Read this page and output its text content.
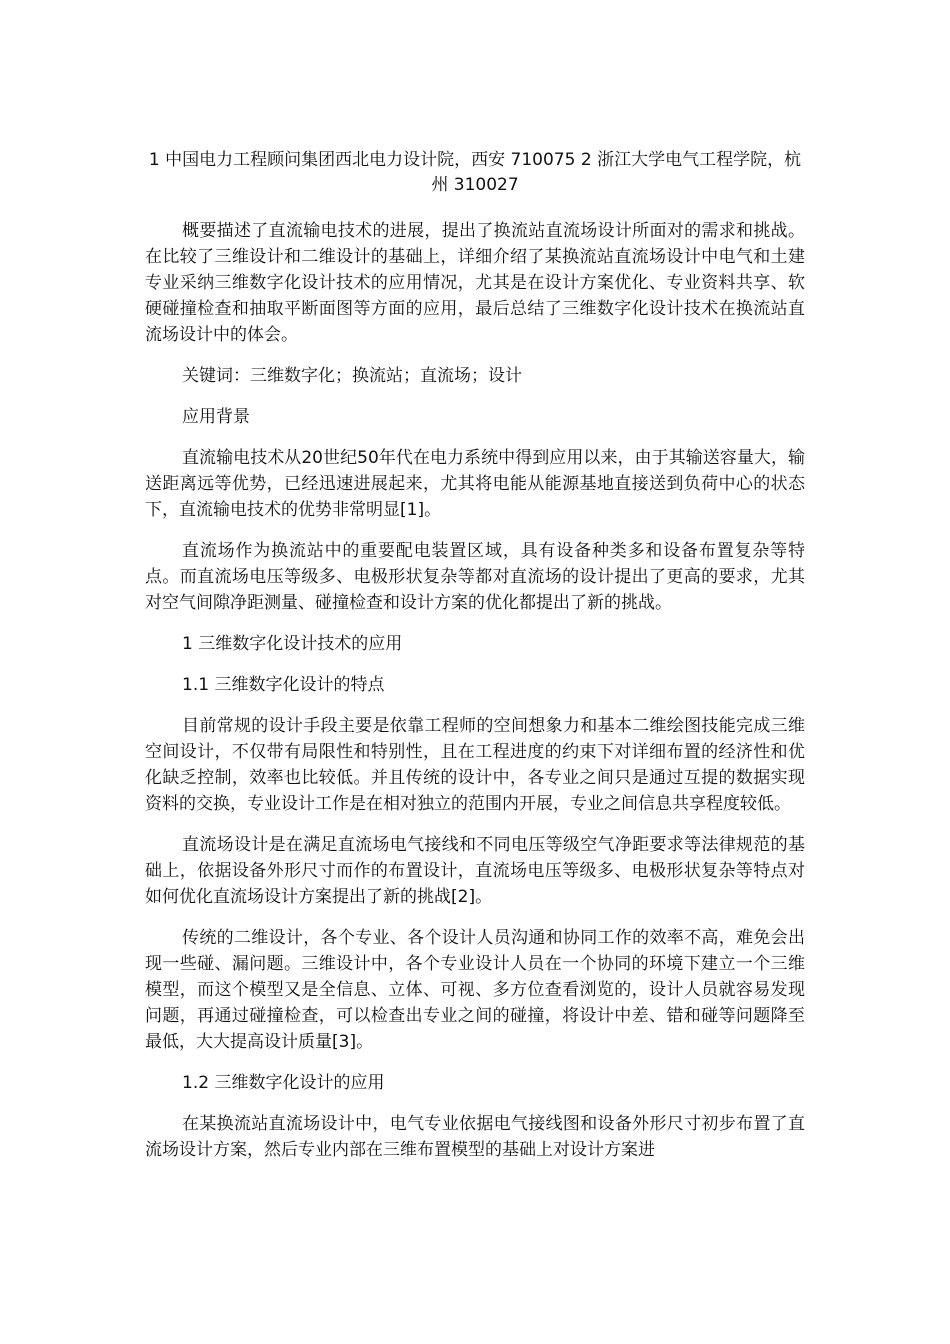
1 中国电力工程顾问集团西北电力设计院，西安 710075 2 浙江大学电气工程学院，杭州 310027

概要描述了直流输电技术的进展，提出了换流站直流场设计所面对的需求和挑战。在比较了三维设计和二维设计的基础上，详细介绍了某换流站直流场设计中电气和土建专业采纳三维数字化设计技术的应用情况，尤其是在设计方案优化、专业资料共享、软硬碰撞检查和抽取平断面图等方面的应用，最后总结了三维数字化设计技术在换流站直流场设计中的体会。

关键词：三维数字化；换流站；直流场；设计

应用背景

直流输电技术从20世纪50年代在电力系统中得到应用以来，由于其输送容量大，输送距离远等优势，已经迅速进展起来，尤其将电能从能源基地直接送到负荷中心的状态下，直流输电技术的优势非常明显[1]。

直流场作为换流站中的重要配电装置区域，具有设备种类多和设备布置复杂等特点。而直流场电压等级多、电极形状复杂等都对直流场的设计提出了更高的要求，尤其对空气间隙净距测量、碰撞检查和设计方案的优化都提出了新的挑战。

1 三维数字化设计技术的应用

1.1 三维数字化设计的特点

目前常规的设计手段主要是依靠工程师的空间想象力和基本二维绘图技能完成三维空间设计，不仅带有局限性和特别性，且在工程进度的约束下对详细布置的经济性和优化缺乏控制，效率也比较低。并且传统的设计中，各专业之间只是通过互提的数据实现资料的交换，专业设计工作是在相对独立的范围内开展，专业之间信息共享程度较低。

直流场设计是在满足直流场电气接线和不同电压等级空气净距要求等法律规范的基础上，依据设备外形尺寸而作的布置设计，直流场电压等级多、电极形状复杂等特点对如何优化直流场设计方案提出了新的挑战[2]。

传统的二维设计，各个专业、各个设计人员沟通和协同工作的效率不高，难免会出现一些碰、漏问题。三维设计中，各个专业设计人员在一个协同的环境下建立一个三维模型，而这个模型又是全信息、立体、可视、多方位查看浏览的，设计人员就容易发现问题，再通过碰撞检查，可以检查出专业之间的碰撞，将设计中差、错和碰等问题降至最低，大大提高设计质量[3]。

1.2 三维数字化设计的应用

在某换流站直流场设计中，电气专业依据电气接线图和设备外形尺寸初步布置了直流场设计方案，然后专业内部在三维布置模型的基础上对设计方案进
